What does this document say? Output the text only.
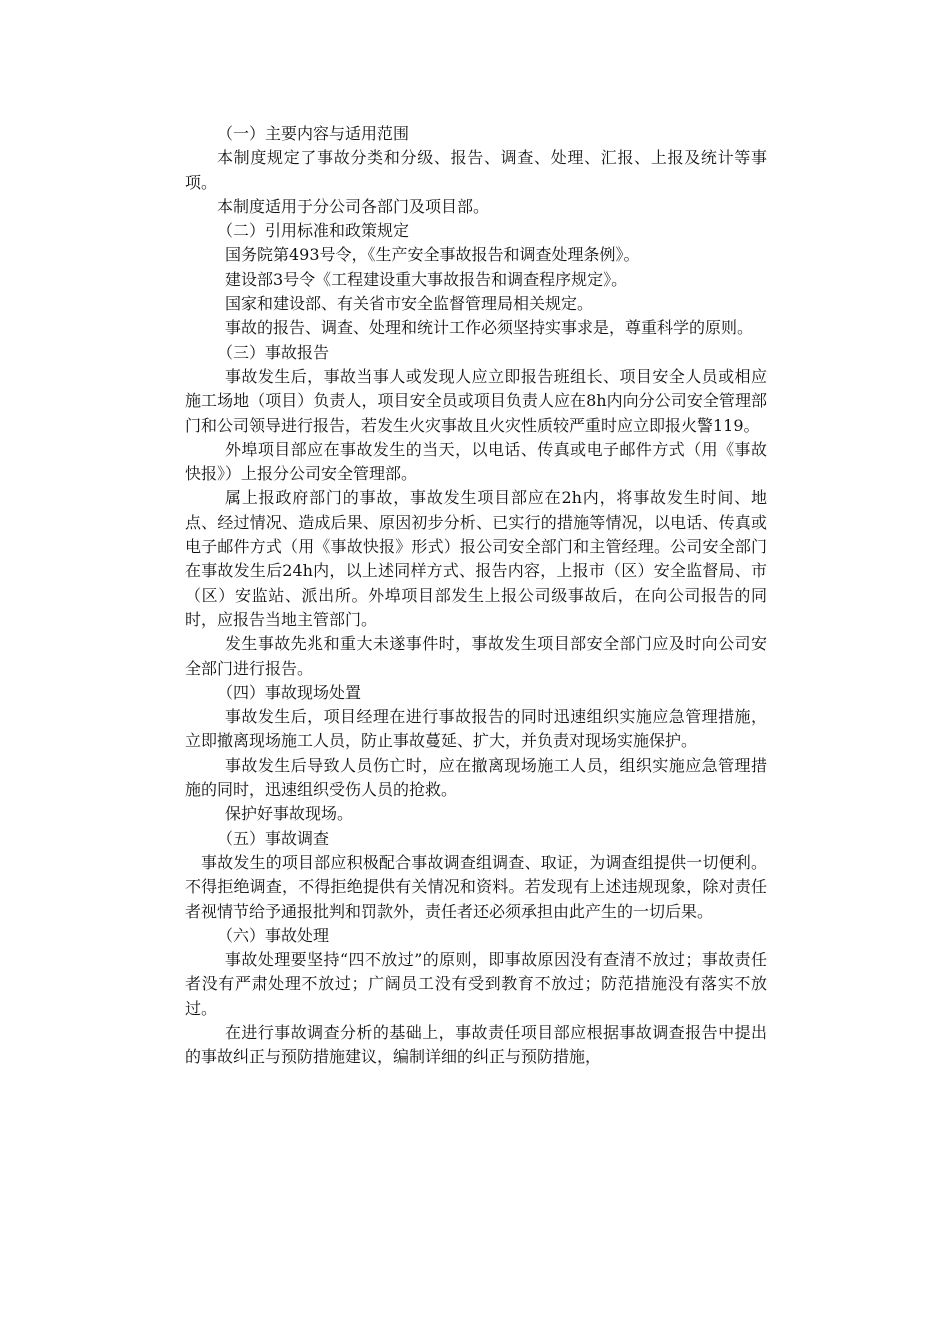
（一）主要内容与适用范围

本制度规定了事故分类和分级、报告、调查、处理、汇报、上报及统计等事项。

本制度适用于分公司各部门及项目部。

（二）引用标准和政策规定

国务院第493号令，《生产安全事故报告和调查处理条例》。

建设部3号令《工程建设重大事故报告和调查程序规定》。

国家和建设部、有关省市安全监督管理局相关规定。

事故的报告、调查、处理和统计工作必须坚持实事求是，尊重科学的原则。

（三）事故报告

事故发生后，事故当事人或发现人应立即报告班组长、项目安全人员或相应施工场地（项目）负责人，项目安全员或项目负责人应在8h内向分公司安全管理部门和公司领导进行报告，若发生火灾事故且火灾性质较严重时应立即报火警119。

外埠项目部应在事故发生的当天，以电话、传真或电子邮件方式（用《事故快报》）上报分公司安全管理部。

属上报政府部门的事故，事故发生项目部应在2h内，将事故发生时间、地点、经过情况、造成后果、原因初步分析、已实行的措施等情况，以电话、传真或电子邮件方式（用《事故快报》形式）报公司安全部门和主管经理。公司安全部门在事故发生后24h内，以上述同样方式、报告内容，上报市（区）安全监督局、市（区）安监站、派出所。外埠项目部发生上报公司级事故后，在向公司报告的同时，应报告当地主管部门。

发生事故先兆和重大未遂事件时，事故发生项目部安全部门应及时向公司安全部门进行报告。

（四）事故现场处置

事故发生后，项目经理在进行事故报告的同时迅速组织实施应急管理措施，立即撤离现场施工人员，防止事故蔓延、扩大，并负责对现场实施保护。

事故发生后导致人员伤亡时，应在撤离现场施工人员，组织实施应急管理措施的同时，迅速组织受伤人员的抢救。

保护好事故现场。

（五）事故调查

事故发生的项目部应积极配合事故调查组调查、取证，为调查组提供一切便利。不得拒绝调查，不得拒绝提供有关情况和资料。若发现有上述违规现象，除对责任者视情节给予通报批判和罚款外，责任者还必须承担由此产生的一切后果。

（六）事故处理

事故处理要坚持“四不放过”的原则，即事故原因没有查清不放过；事故责任者没有严肃处理不放过；广阔员工没有受到教育不放过；防范措施没有落实不放过。

在进行事故调查分析的基础上，事故责任项目部应根据事故调查报告中提出的事故纠正与预防措施建议，编制详细的纠正与预防措施，
